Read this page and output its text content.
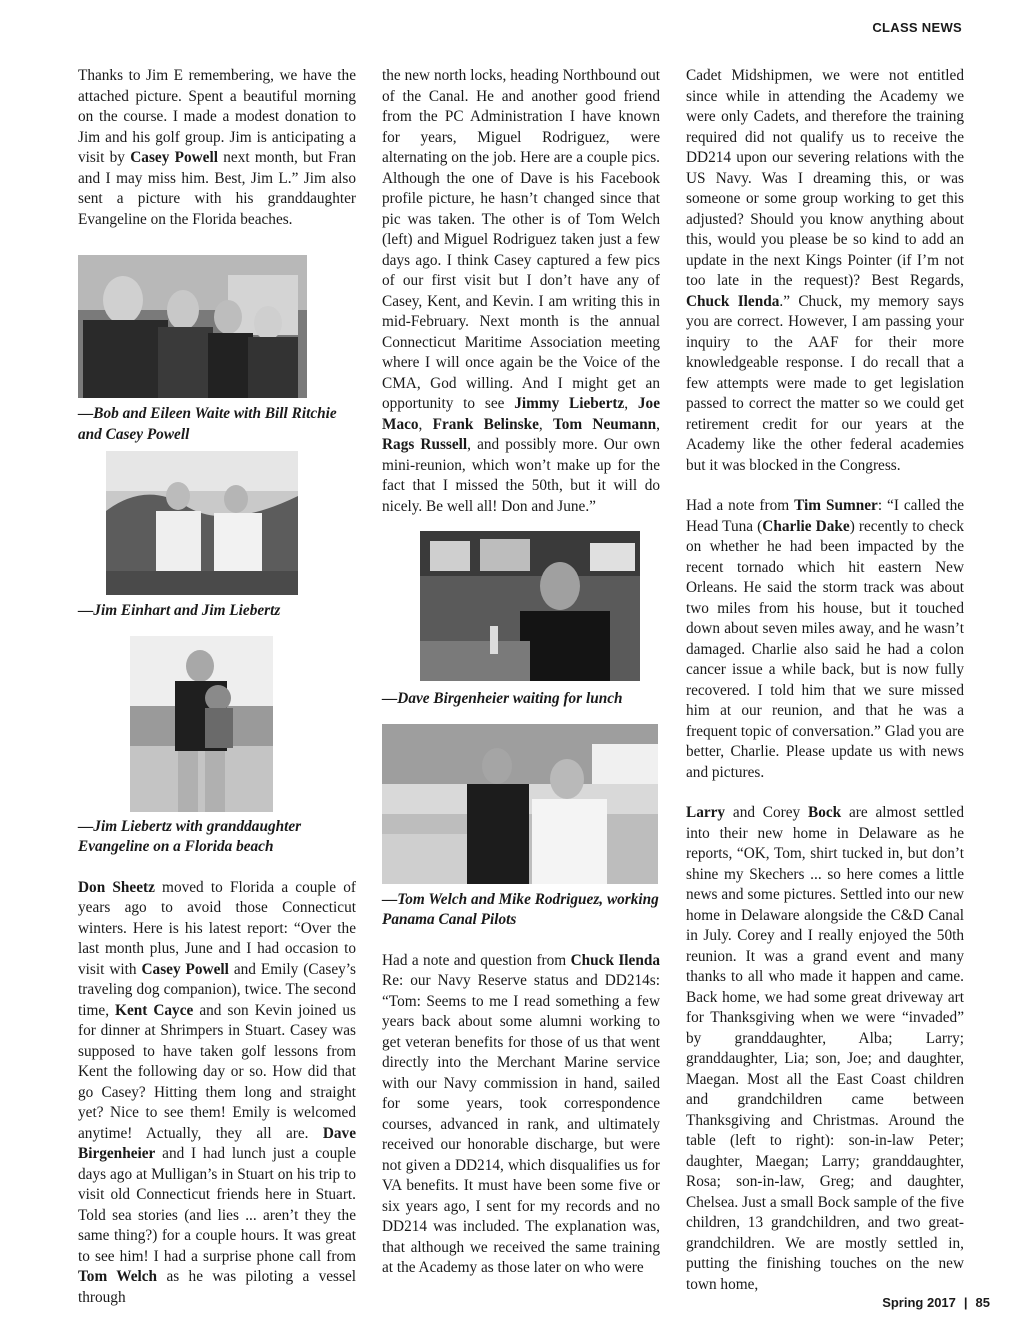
CLASS NEWS

Thanks to Jim E remembering, we have the attached picture. Spent a beautiful morning on the course. I made a modest donation to Jim and his golf group. Jim is anticipating a visit by Casey Powell next month, but Fran and I may miss him. Best, Jim L.” Jim also sent a picture with his granddaughter Evangeline on the Florida beaches.

—Bob and Eileen Waite with Bill Ritchie and Casey Powell

—Jim Einhart and Jim Liebertz

—Jim Liebertz with granddaughter Evangeline on a Florida beach

Don Sheetz moved to Florida a couple of years ago to avoid those Connecticut winters. Here is his latest report: “Over the last month plus, June and I had occasion to visit with Casey Powell and Emily (Casey’s traveling dog companion), twice. The second time, Kent Cayce and son Kevin joined us for dinner at Shrimpers in Stuart. Casey was supposed to have taken golf lessons from Kent the following day or so. How did that go Casey? Hitting them long and straight yet? Nice to see them! Emily is welcomed anytime! Actually, they all are. Dave Birgenheier and I had lunch just a couple days ago at Mulligan’s in Stuart on his trip to visit old Connecticut friends here in Stuart. Told sea stories (and lies ... aren’t they the same thing?) for a couple hours. It was great to see him! I had a surprise phone call from Tom Welch as he was piloting a vessel through

the new north locks, heading Northbound out of the Canal. He and another good friend from the PC Administration I have known for years, Miguel Rodriguez, were alternating on the job. Here are a couple pics. Although the one of Dave is his Facebook profile picture, he hasn’t changed since that pic was taken. The other is of Tom Welch (left) and Miguel Rodriguez taken just a few days ago. I think Casey captured a few pics of our first visit but I don’t have any of Casey, Kent, and Kevin. I am writing this in mid-February. Next month is the annual Connecticut Maritime Association meeting where I will once again be the Voice of the CMA, God willing. And I might get an opportunity to see Jimmy Liebertz, Joe Maco, Frank Belinske, Tom Neumann, Rags Russell, and possibly more. Our own mini-reunion, which won’t make up for the fact that I missed the 50th, but it will do nicely. Be well all! Don and June.”

—Dave Birgenheier waiting for lunch

—Tom Welch and Mike Rodriguez, working Panama Canal Pilots

Had a note and question from Chuck Ilenda Re: our Navy Reserve status and DD214s: “Tom: Seems to me I read something a few years back about some alumni working to get veteran benefits for those of us that went directly into the Merchant Marine service with our Navy commission in hand, sailed for some years, took correspondence courses, advanced in rank, and ultimately received our honorable discharge, but were not given a DD214, which disqualifies us for VA benefits. It must have been some five or six years ago, I sent for my records and no DD214 was included. The explanation was, that although we received the same training at the Academy as those later on who were

Cadet Midshipmen, we were not entitled since while in attending the Academy we were only Cadets, and therefore the training required did not qualify us to receive the DD214 upon our severing relations with the US Navy. Was I dreaming this, or was someone or some group working to get this adjusted? Should you know anything about this, would you please be so kind to add an update in the next Kings Pointer (if I’m not too late in the request)? Best Regards, Chuck Ilenda.” Chuck, my memory says you are correct. However, I am passing your inquiry to the AAF for their more knowledgeable response. I do recall that a few attempts were made to get legislation passed to correct the matter so we could get retirement credit for our years at the Academy like the other federal academies but it was blocked in the Congress.

Had a note from Tim Sumner: “I called the Head Tuna (Charlie Dake) recently to check on whether he had been impacted by the recent tornado which hit eastern New Orleans. He said the storm track was about two miles from his house, but it touched down about seven miles away, and he wasn’t damaged. Charlie also said he had a colon cancer issue a while back, but is now fully recovered. I told him that we sure missed him at our reunion, and that he was a frequent topic of conversation.” Glad you are better, Charlie. Please update us with news and pictures.

Larry and Corey Bock are almost settled into their new home in Delaware as he reports, “OK, Tom, shirt tucked in, but don’t shine my Skechers ... so here comes a little news and some pictures. Settled into our new home in Delaware alongside the C&D Canal in July. Corey and I really enjoyed the 50th reunion. It was a grand event and many thanks to all who made it happen and came. Back home, we had some great driveway art for Thanksgiving when we were “invaded” by granddaughter, Alba; Larry; granddaughter, Lia; son, Joe; and daughter, Maegan. Most all the East Coast children and grandchildren came between Thanksgiving and Christmas. Around the table (left to right): son-in-law Peter; daughter, Maegan; Larry; granddaughter, Rosa; son-in-law, Greg; and daughter, Chelsea. Just a small Bock sample of the five children, 13 grandchildren, and two great-grandchildren. We are mostly settled in, putting the finishing touches on the new town home,

Spring 2017 | 85
